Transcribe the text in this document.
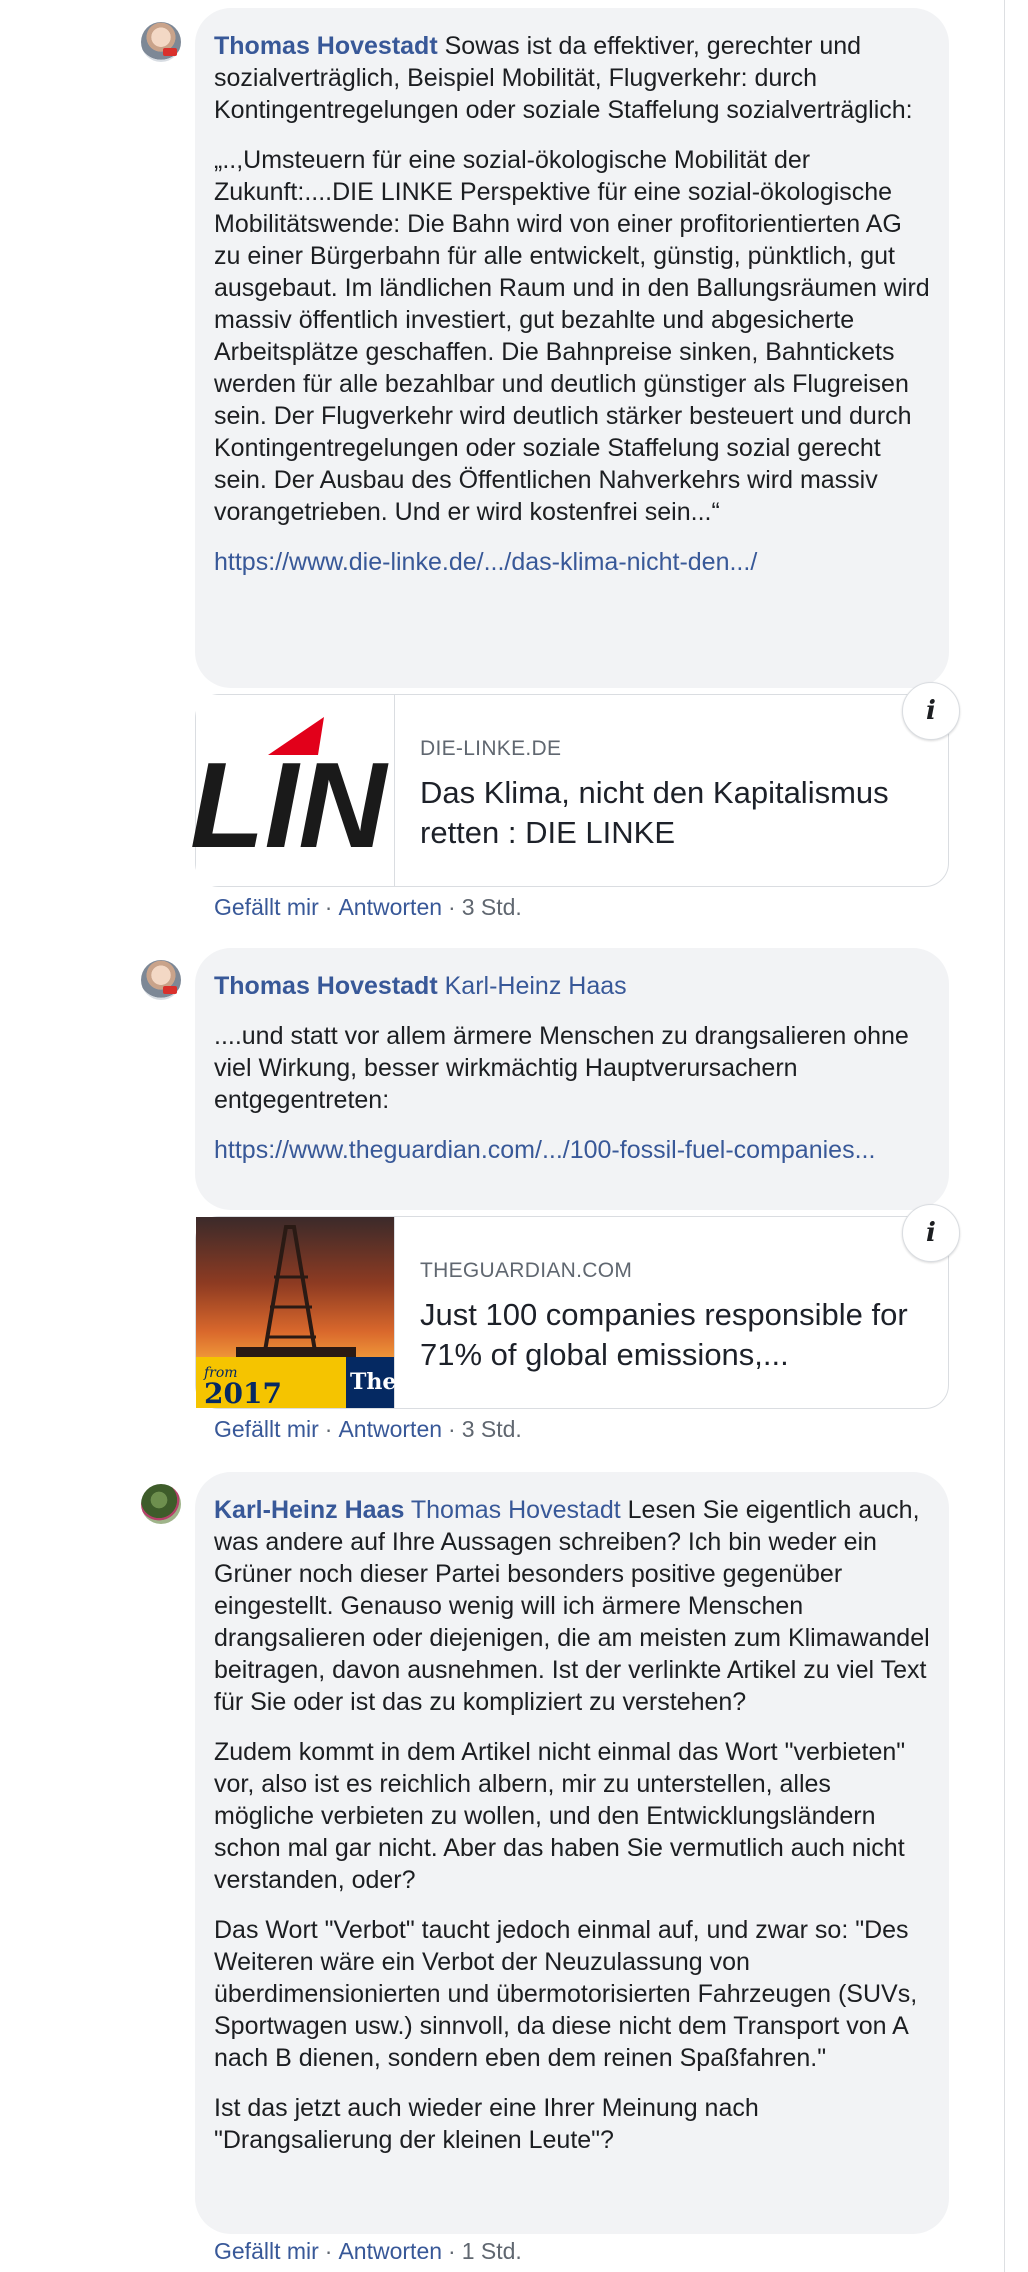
Thomas Hovestadt Sowas ist da effektiver, gerechter und sozialverträglich, Beispiel Mobilität, Flugverkehr: durch Kontingentregelungen oder soziale Staffelung sozialverträglich:

„..,Umsteuern für eine sozial-ökologische Mobilität der Zukunft:....DIE LINKE Perspektive für eine sozial-ökologische Mobilitätswende: Die Bahn wird von einer profitorientierten AG zu einer Bürgerbahn für alle entwickelt, günstig, pünktlich, gut ausgebaut. Im ländlichen Raum und in den Ballungsräumen wird massiv öffentlich investiert, gut bezahlte und abgesicherte Arbeitsplätze geschaffen. Die Bahnpreise sinken, Bahntickets werden für alle bezahlbar und deutlich günstiger als Flugreisen sein. Der Flugverkehr wird deutlich stärker besteuert und durch Kontingentregelungen oder soziale Staffelung sozial gerecht sein. Der Ausbau des Öffentlichen Nahverkehrs wird massiv vorangetrieben. Und er wird kostenfrei sein...“

https://www.die-linke.de/.../das-klima-nicht-den.../

LIN DIE-LINKE.DE
Das Klima, nicht den Kapitalismus retten : DIE LINKE
i
Gefällt mir · Antworten · 3 Std.

Thomas Hovestadt Karl-Heinz Haas

....und statt vor allem ärmere Menschen zu drangsalieren ohne viel Wirkung, besser wirkmächtig Hauptverursachern entgegentreten:

https://www.theguardian.com/.../100-fossil-fuel-companies...

from
2017	The Gua
THEGUARDIAN.COM
Just 100 companies responsible for 71% of global emissions,...
i
Gefällt mir · Antworten · 3 Std.

Karl-Heinz Haas Thomas Hovestadt Lesen Sie eigentlich auch, was andere auf Ihre Aussagen schreiben? Ich bin weder ein Grüner noch dieser Partei besonders positive gegenüber eingestellt. Genauso wenig will ich ärmere Menschen drangsalieren oder diejenigen, die am meisten zum Klimawandel beitragen, davon ausnehmen. Ist der verlinkte Artikel zu viel Text für Sie oder ist das zu kompliziert zu verstehen?

Zudem kommt in dem Artikel nicht einmal das Wort "verbieten" vor, also ist es reichlich albern, mir zu unterstellen, alles mögliche verbieten zu wollen, und den Entwicklungsländern schon mal gar nicht. Aber das haben Sie vermutlich auch nicht verstanden, oder?

Das Wort "Verbot" taucht jedoch einmal auf, und zwar so: "Des Weiteren wäre ein Verbot der Neuzulassung von überdimensionierten und übermotorisierten Fahrzeugen (SUVs, Sportwagen usw.) sinnvoll, da diese nicht dem Transport von A nach B dienen, sondern eben dem reinen Spaßfahren."

Ist das jetzt auch wieder eine Ihrer Meinung nach "Drangsalierung der kleinen Leute"?

Gefällt mir · Antworten · 1 Std.
